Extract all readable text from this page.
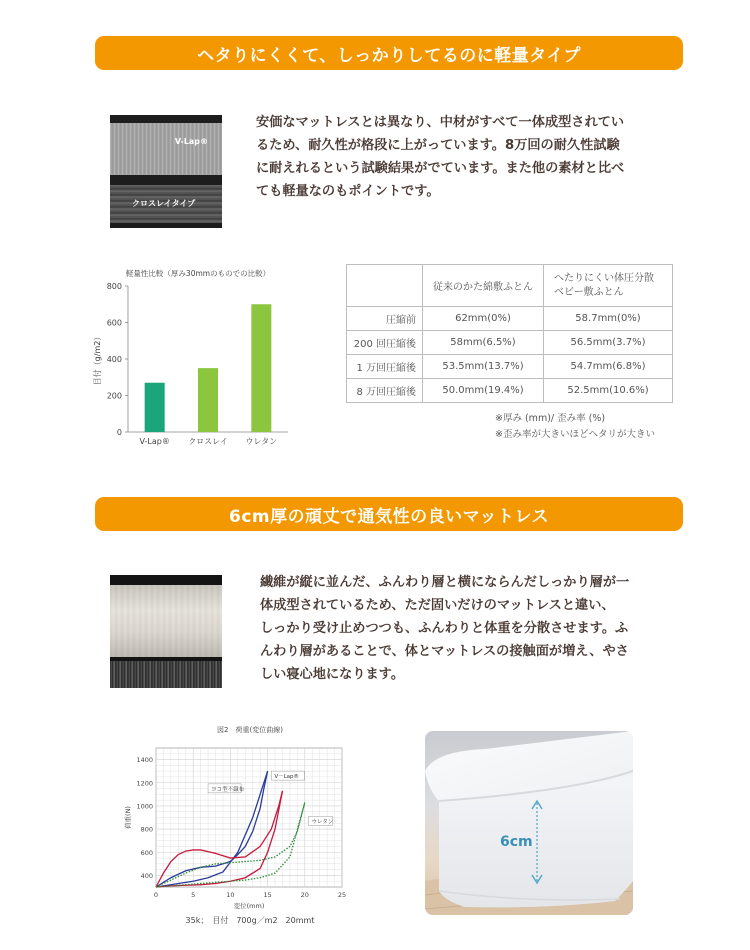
ヘタりにくくて、しっかりしてるのに軽量タイプ
V-Lap®
クロスレイタイプ
安価なマットレスとは異なり、中材がすべて一体成型されてい
るため、耐久性が格段に上がっています。8万回の耐久性試験
に耐えれるという試験結果がでています。また他の素材と比べ
ても軽量なのもポイントです。
軽量性比較（厚み30mmのものでの比較）
0
200
400
600
800
目付（g/m2）
V-Lap® クロスレイ ウレタン
	従来のかた綿敷ふとん	へたりにくい体圧分散
ベビー敷ふとん

圧縮前	62mm(0%)	58.7mm(0%)
200 回圧縮後	58mm(6.5%)	56.5mm(3.7%)
1 万回圧縮後	53.5mm(13.7%)	54.7mm(6.8%)
8 万回圧縮後	50.0mm(19.4%)	52.5mm(10.6%)
※厚み (mm)/ 歪み率 (%)
※歪み率が大きいほどヘタリが大きい
6cm厚の頑丈で通気性の良いマットレス
繊維が縦に並んだ、ふんわり層と横にならんだしっかり層が一
体成型されているため、ただ固いだけのマットレスと違い、
しっかり受け止めつつも、ふんわりと体重を分散させます。ふ
んわり層があることで、体とマットレスの接触面が増え、やさ
しい寝心地になります。
図2　荷重(変位曲線)
0	5	10	15	20	25
400
600
800
1000
1200
1400
変位(mm)
荷重(N)
35k；　目付　700g／m2　20mmt
V－Lap®
ヨコ型不織布
ウレタン
6cm
